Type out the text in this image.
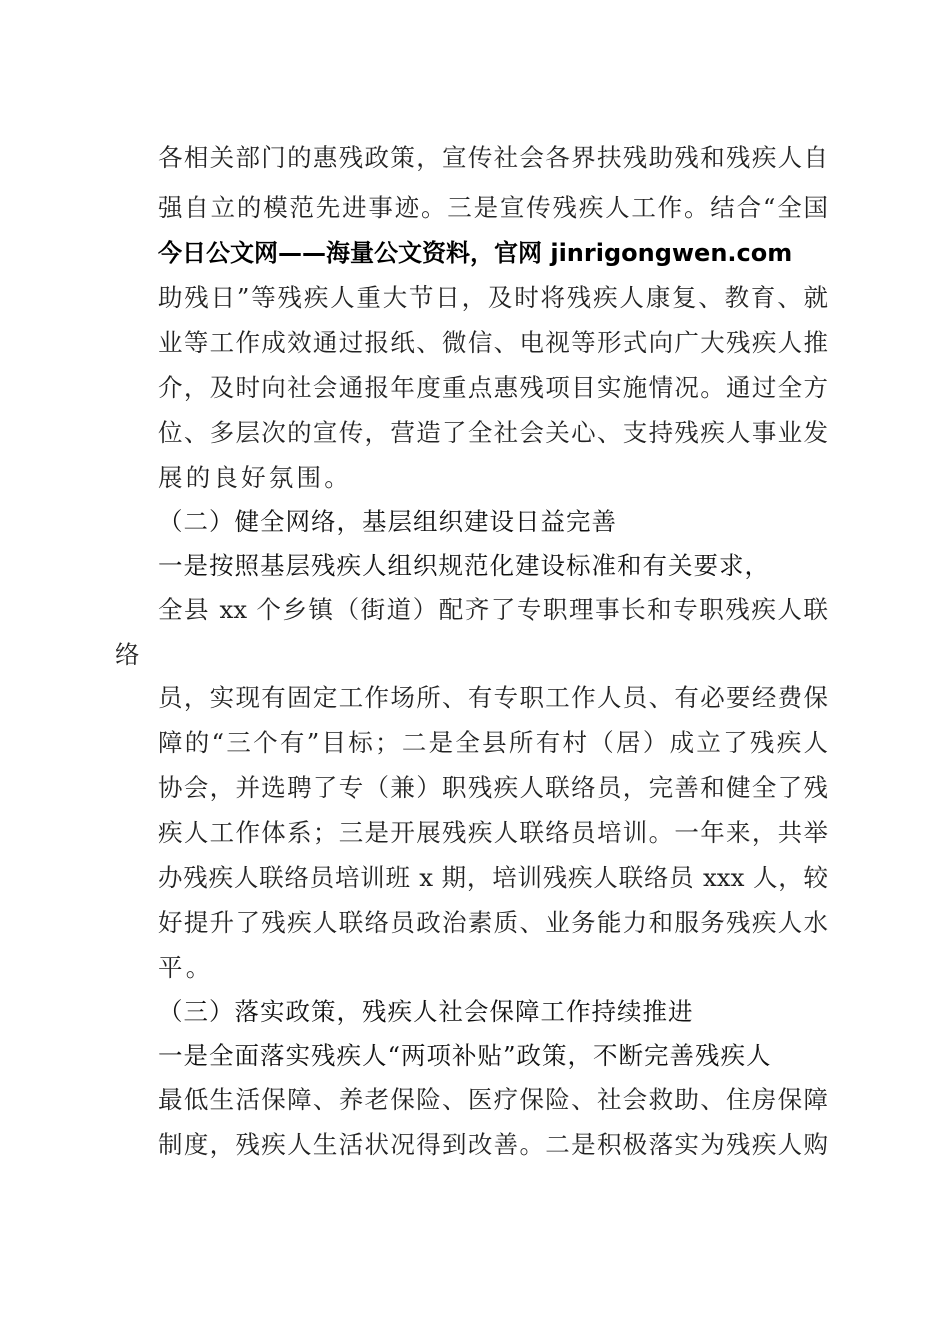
各相关部门的惠残政策，宣传社会各界扶残助残和残疾人自
强自立的模范先进事迹。三是宣传残疾人工作。结合“全国
今日公文网——海量公文资料，官网 jinrigongwen.com
助残日”等残疾人重大节日，及时将残疾人康复、教育、就
业等工作成效通过报纸、微信、电视等形式向广大残疾人推
介，及时向社会通报年度重点惠残项目实施情况。通过全方
位、多层次的宣传，营造了全社会关心、支持残疾人事业发
展的良好氛围。
（二）健全网络，基层组织建设日益完善
一是按照基层残疾人组织规范化建设标准和有关要求，
全县 xx 个乡镇（街道）配齐了专职理事长和专职残疾人联
络
员，实现有固定工作场所、有专职工作人员、有必要经费保
障的“三个有”目标；二是全县所有村（居）成立了残疾人
协会，并选聘了专（兼）职残疾人联络员，完善和健全了残
疾人工作体系；三是开展残疾人联络员培训。一年来，共举
办残疾人联络员培训班 x 期，培训残疾人联络员 xxx 人，较
好提升了残疾人联络员政治素质、业务能力和服务残疾人水
平。
（三）落实政策，残疾人社会保障工作持续推进
一是全面落实残疾人“两项补贴”政策，不断完善残疾人
最低生活保障、养老保险、医疗保险、社会救助、住房保障
制度，残疾人生活状况得到改善。二是积极落实为残疾人购
